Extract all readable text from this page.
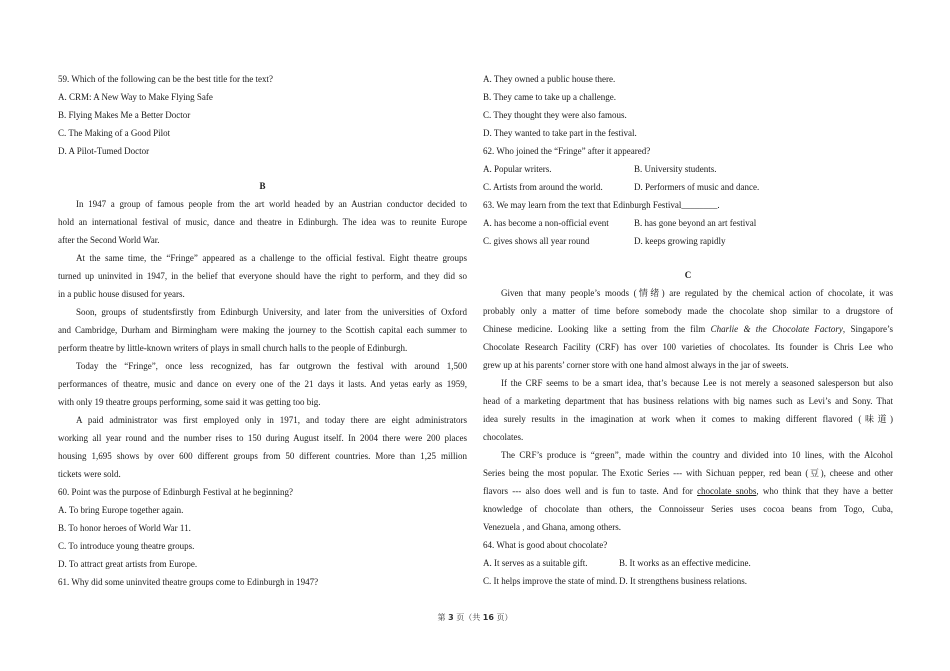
59. Which of the following can be the best title for the text?
A. CRM: A New Way to Make Flying Safe
B. Flying Makes Me a Better Doctor
C. The Making of a Good Pilot
D. A Pilot-Tumed Doctor
B
In 1947 a group of famous people from the art world headed by an Austrian conductor decided to
hold an international festival of music, dance and theatre in Edinburgh. The idea was to reunite Europe
after the Second World War.
At the same time, the “Fringe” appeared as a challenge to the official festival. Eight theatre groups
turned up uninvited in 1947, in the belief that everyone should have the right to perform, and they did so
in a public house disused for years.
Soon, groups of studentsfirstly from Edinburgh University, and later from the universities of Oxford
and Cambridge, Durham and Birmingham were making the journey to the Scottish capital each summer to
perform theatre by little-known writers of plays in small church halls to the people of Edinburgh.
Today the “Fringe”, once less recognized, has far outgrown the festival with around 1,500
performances of theatre, music and dance on every one of the 21 days it lasts. And yetas early as 1959,
with only 19 theatre groups performing, some said it was getting too big.
A paid administrator was first employed only in 1971, and today there are eight administrators
working all year round and the number rises to 150 during August itself. In 2004 there were 200 places
housing 1,695 shows by over 600 different groups from 50 different countries. More than 1,25 million
tickets were sold.
60. Point was the purpose of Edinburgh Festival at he beginning?
A. To bring Europe together again.
B. To honor heroes of World War 11.
C. To introduce young theatre groups.
D. To attract great artists from Europe.
61. Why did some uninvited theatre groups come to Edinburgh in 1947?
A. They owned a public house there.
B. They came to take up a challenge.
C. They thought they were also famous.
D. They wanted to take part in the festival.
62. Who joined the “Fringe” after it appeared?
A. Popular writers.	B. University students.
C. Artists from around the world.	D. Performers of music and dance.
63. We may learn from the text that Edinburgh Festival________.
A. has become a non-official event	B. has gone beyond an art festival
C. gives shows all year round	D. keeps growing rapidly
C
Given that many people’s moods (情绪) are regulated by the chemical action of chocolate, it was
probably only a matter of time before somebody made the chocolate shop similar to a drugstore of
Chinese medicine. Looking like a setting from the film Charlie & the Chocolate Factory, Singapore’s
Chocolate Research Facility (CRF) has over 100 varieties of chocolates. Its founder is Chris Lee who
grew up at his parents’ corner store with one hand almost always in the jar of sweets.
If the CRF seems to be a smart idea, that’s because Lee is not merely a seasoned salesperson but also
head of a marketing department that has business relations with big names such as Levi’s and Sony. That
idea surely results in the imagination at work when it comes to making different flavored (味道)
chocolates.
The CRF’s produce is “green”, made within the country and divided into 10 lines, with the Alcohol
Series being the most popular. The Exotic Series --- with Sichuan pepper, red bean (豆), cheese and other
flavors --- also does well and is fun to taste. And for chocolate snobs, who think that they have a better
knowledge of chocolate than others, the Connoisseur Series uses cocoa beans from Togo, Cuba,
Venezuela , and Ghana, among others.
64. What is good about chocolate?
A. It serves as a suitable gift.	B. It works as an effective medicine.
C. It helps improve the state of mind. D. It strengthens business relations.
第 3 页（共 16 页）
